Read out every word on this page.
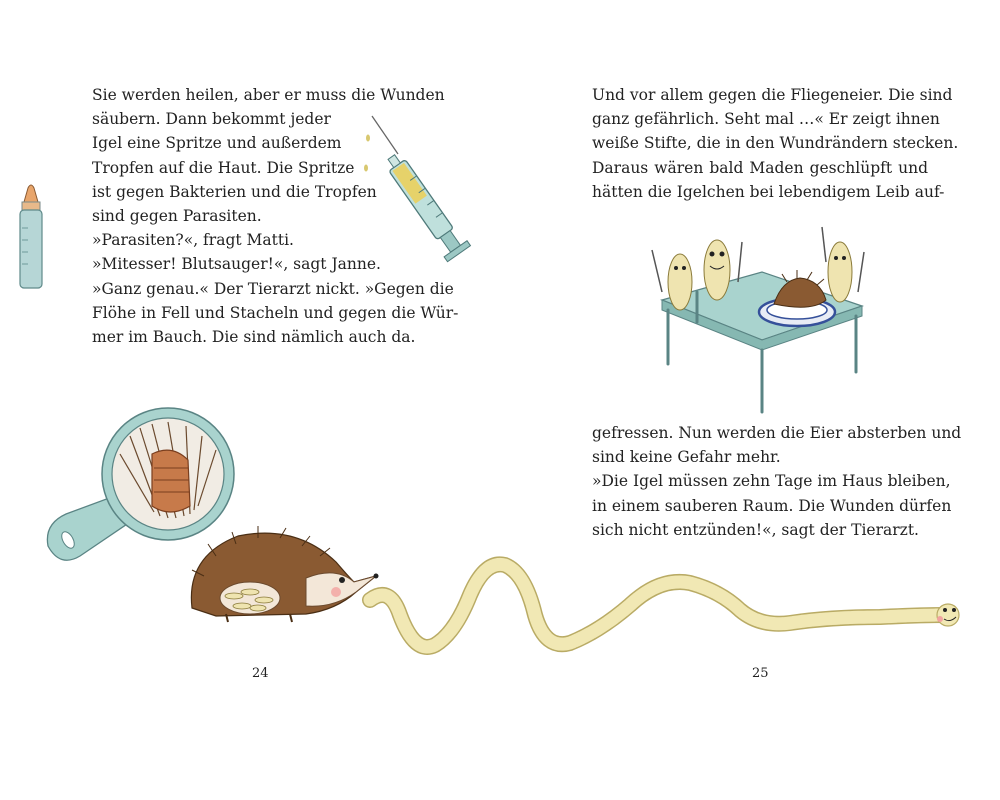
Sie werden heilen, aber er muss die Wunden
säubern. Dann bekommt jeder
Igel eine Spritze und außerdem
Tropfen auf die Haut. Die Spritze
ist gegen Bakterien und die Tropfen
sind gegen Parasiten.
»Parasiten?«, fragt Matti.
»Mitesser! Blutsauger!«, sagt Janne.
»Ganz genau.« Der Tierarzt nickt. »Gegen die
Flöhe in Fell und Stacheln und gegen die Wür-
mer im Bauch. Die sind nämlich auch da.
Und vor allem gegen die Fliegeneier. Die sind
ganz gefährlich. Seht mal …« Er zeigt ihnen
weiße Stifte, die in den Wundrändern stecken.
Daraus wären bald Maden geschlüpft und
hätten die Igelchen bei lebendigem Leib auf-
gefressen. Nun werden die Eier absterben und
sind keine Gefahr mehr.
»Die Igel müssen zehn Tage im Haus bleiben,
in einem sauberen Raum. Die Wunden dürfen
sich nicht entzünden!«, sagt der Tierarzt.
24	25
